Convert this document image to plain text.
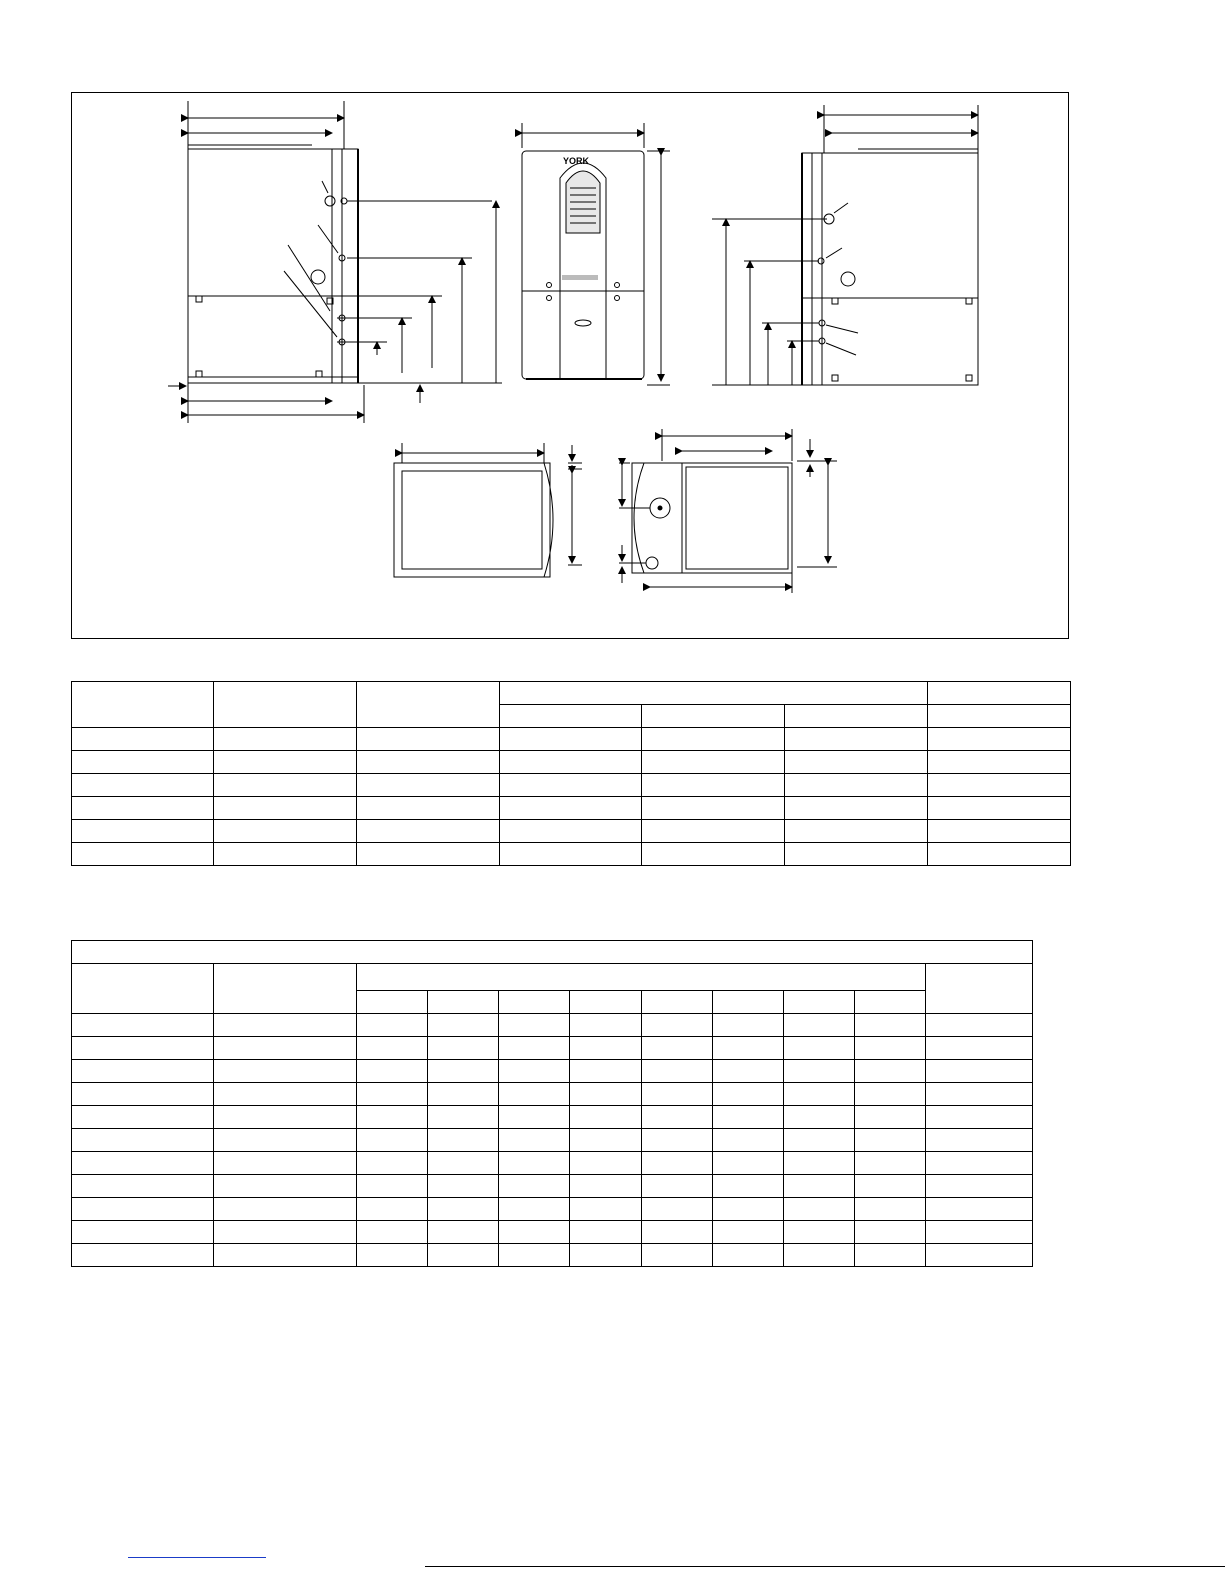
YORK
